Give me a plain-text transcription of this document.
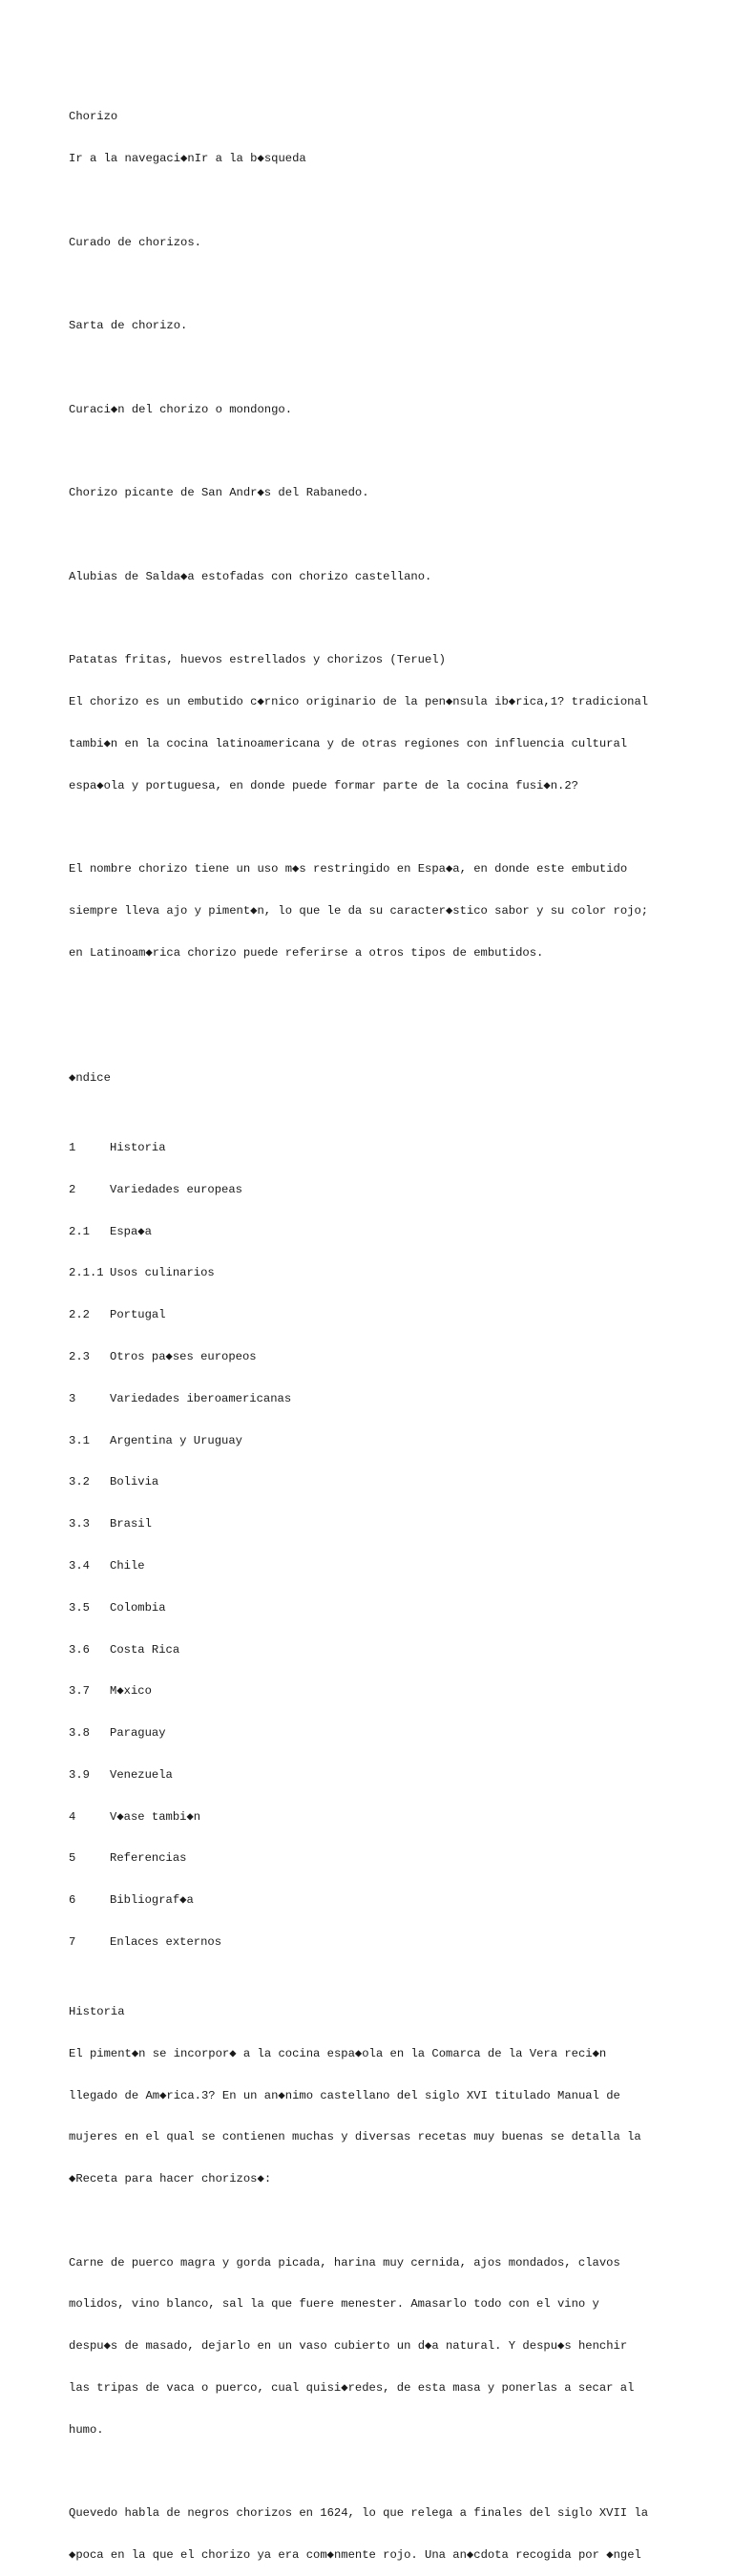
Chorizo

Ir a la navegaci◆nIr a la b◆squeda

Curado de chorizos.

Sarta de chorizo.

Curaci◆n del chorizo o mondongo.

Chorizo picante de San Andr◆s del Rabanedo.

Alubias de Salda◆a estofadas con chorizo castellano.

Patatas fritas, huevos estrellados y chorizos (Teruel)

El chorizo es un embutido c◆rnico originario de la pen◆nsula ib◆rica,1? tradicional

tambi◆n en la cocina latinoamericana y de otras regiones con influencia cultural

espa◆ola y portuguesa, en donde puede formar parte de la cocina fusi◆n.2?

El nombre chorizo tiene un uso m◆s restringido en Espa◆a, en donde este embutido

siempre lleva ajo y piment◆n, lo que le da su caracter◆stico sabor y su color rojo;

en Latinoam◆rica chorizo puede referirse a otros tipos de embutidos.

◆ndice

1	Historia

2	Variedades europeas

2.1 Espa◆a

2.1.1 Usos culinarios

2.2 Portugal

2.3 Otros pa◆ses europeos

3	Variedades iberoamericanas

3.1 Argentina y Uruguay

3.2 Bolivia

3.3 Brasil

3.4 Chile

3.5 Colombia

3.6 Costa Rica

3.7 M◆xico

3.8 Paraguay

3.9 Venezuela

4	V◆ase tambi◆n

5	Referencias

6	Bibliograf◆a

7	Enlaces externos

Historia

El piment◆n se incorpor◆ a la cocina espa◆ola en la Comarca de la Vera reci◆n

llegado de Am◆rica.3? En un an◆nimo castellano del siglo XVI titulado Manual de

mujeres en el qual se contienen muchas y diversas recetas muy buenas se detalla la

◆Receta para hacer chorizos◆:

Carne de puerco magra y gorda picada, harina muy cernida, ajos mondados, clavos

molidos, vino blanco, sal la que fuere menester. Amasarlo todo con el vino y

despu◆s de masado, dejarlo en un vaso cubierto un d◆a natural. Y despu◆s henchir

las tripas de vaca o puerco, cual quisi◆redes, de esta masa y ponerlas a secar al

humo.

Quevedo habla de negros chorizos en 1624, lo que relega a finales del siglo XVII la

◆poca en la que el chorizo ya era com◆nmente rojo. Una an◆cdota recogida por ◆ngel
